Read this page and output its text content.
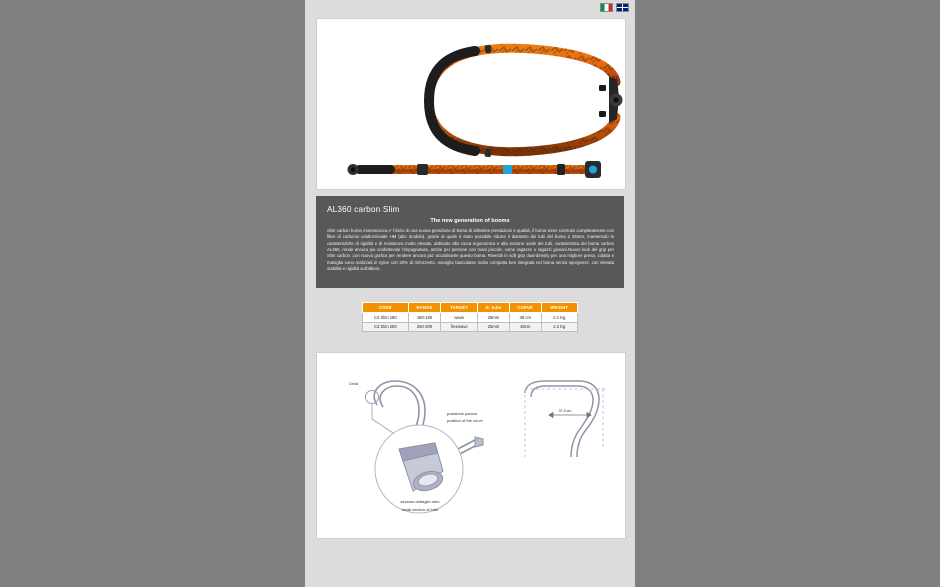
AL360 carbon Slim
The new generation of booms
Slim carbon boma monoscocca e' l'inizio di una nuova gerazione di boma di altissime prestazioni e qualità, il boma viene costruito completamente con fibre di carbonio unidirezionale HM (alto modulo), grazie al quale è stato possibile ridurre il diametro dei tubi del boma a 25mm, mantenedo le caratteristiche di rigidità e di resistenza molto elevate, abbinato alla curva ergonomica e alla sezione ovale dei tubi, caratteristica del boma carbon AL360, rende ancora piu confortevole l'impugnatura, anche per persone con mani piccole, come ragazze o ragazzi giovani.Nuovo look del grip per Slim carbon ,con nuova grafica per rendere ancora piu' accattivante questo boma. Rivestiti in soft grip dual-density per una migliore presa, culatta e maniglia sono realizzati in nylon con 20% di rinforzento, maniglia basculante molto compatta ben integrata nel boma senza sporgenze, con elevata stabilità e rigidità sull'albero.
CODE	RANGE	TARGET	D. tube	CURVE	WEIGHT
C3 Slim 180	180-190	wave	25mm	38 cm	2.1 Kg
C3 Slim 250	250-200	freewave	25mm	38cm	2.2 Kg
Detail
posizione pancia
position of the curve
37.5 cm
sezione dettaglio tubo
detail section of tube
